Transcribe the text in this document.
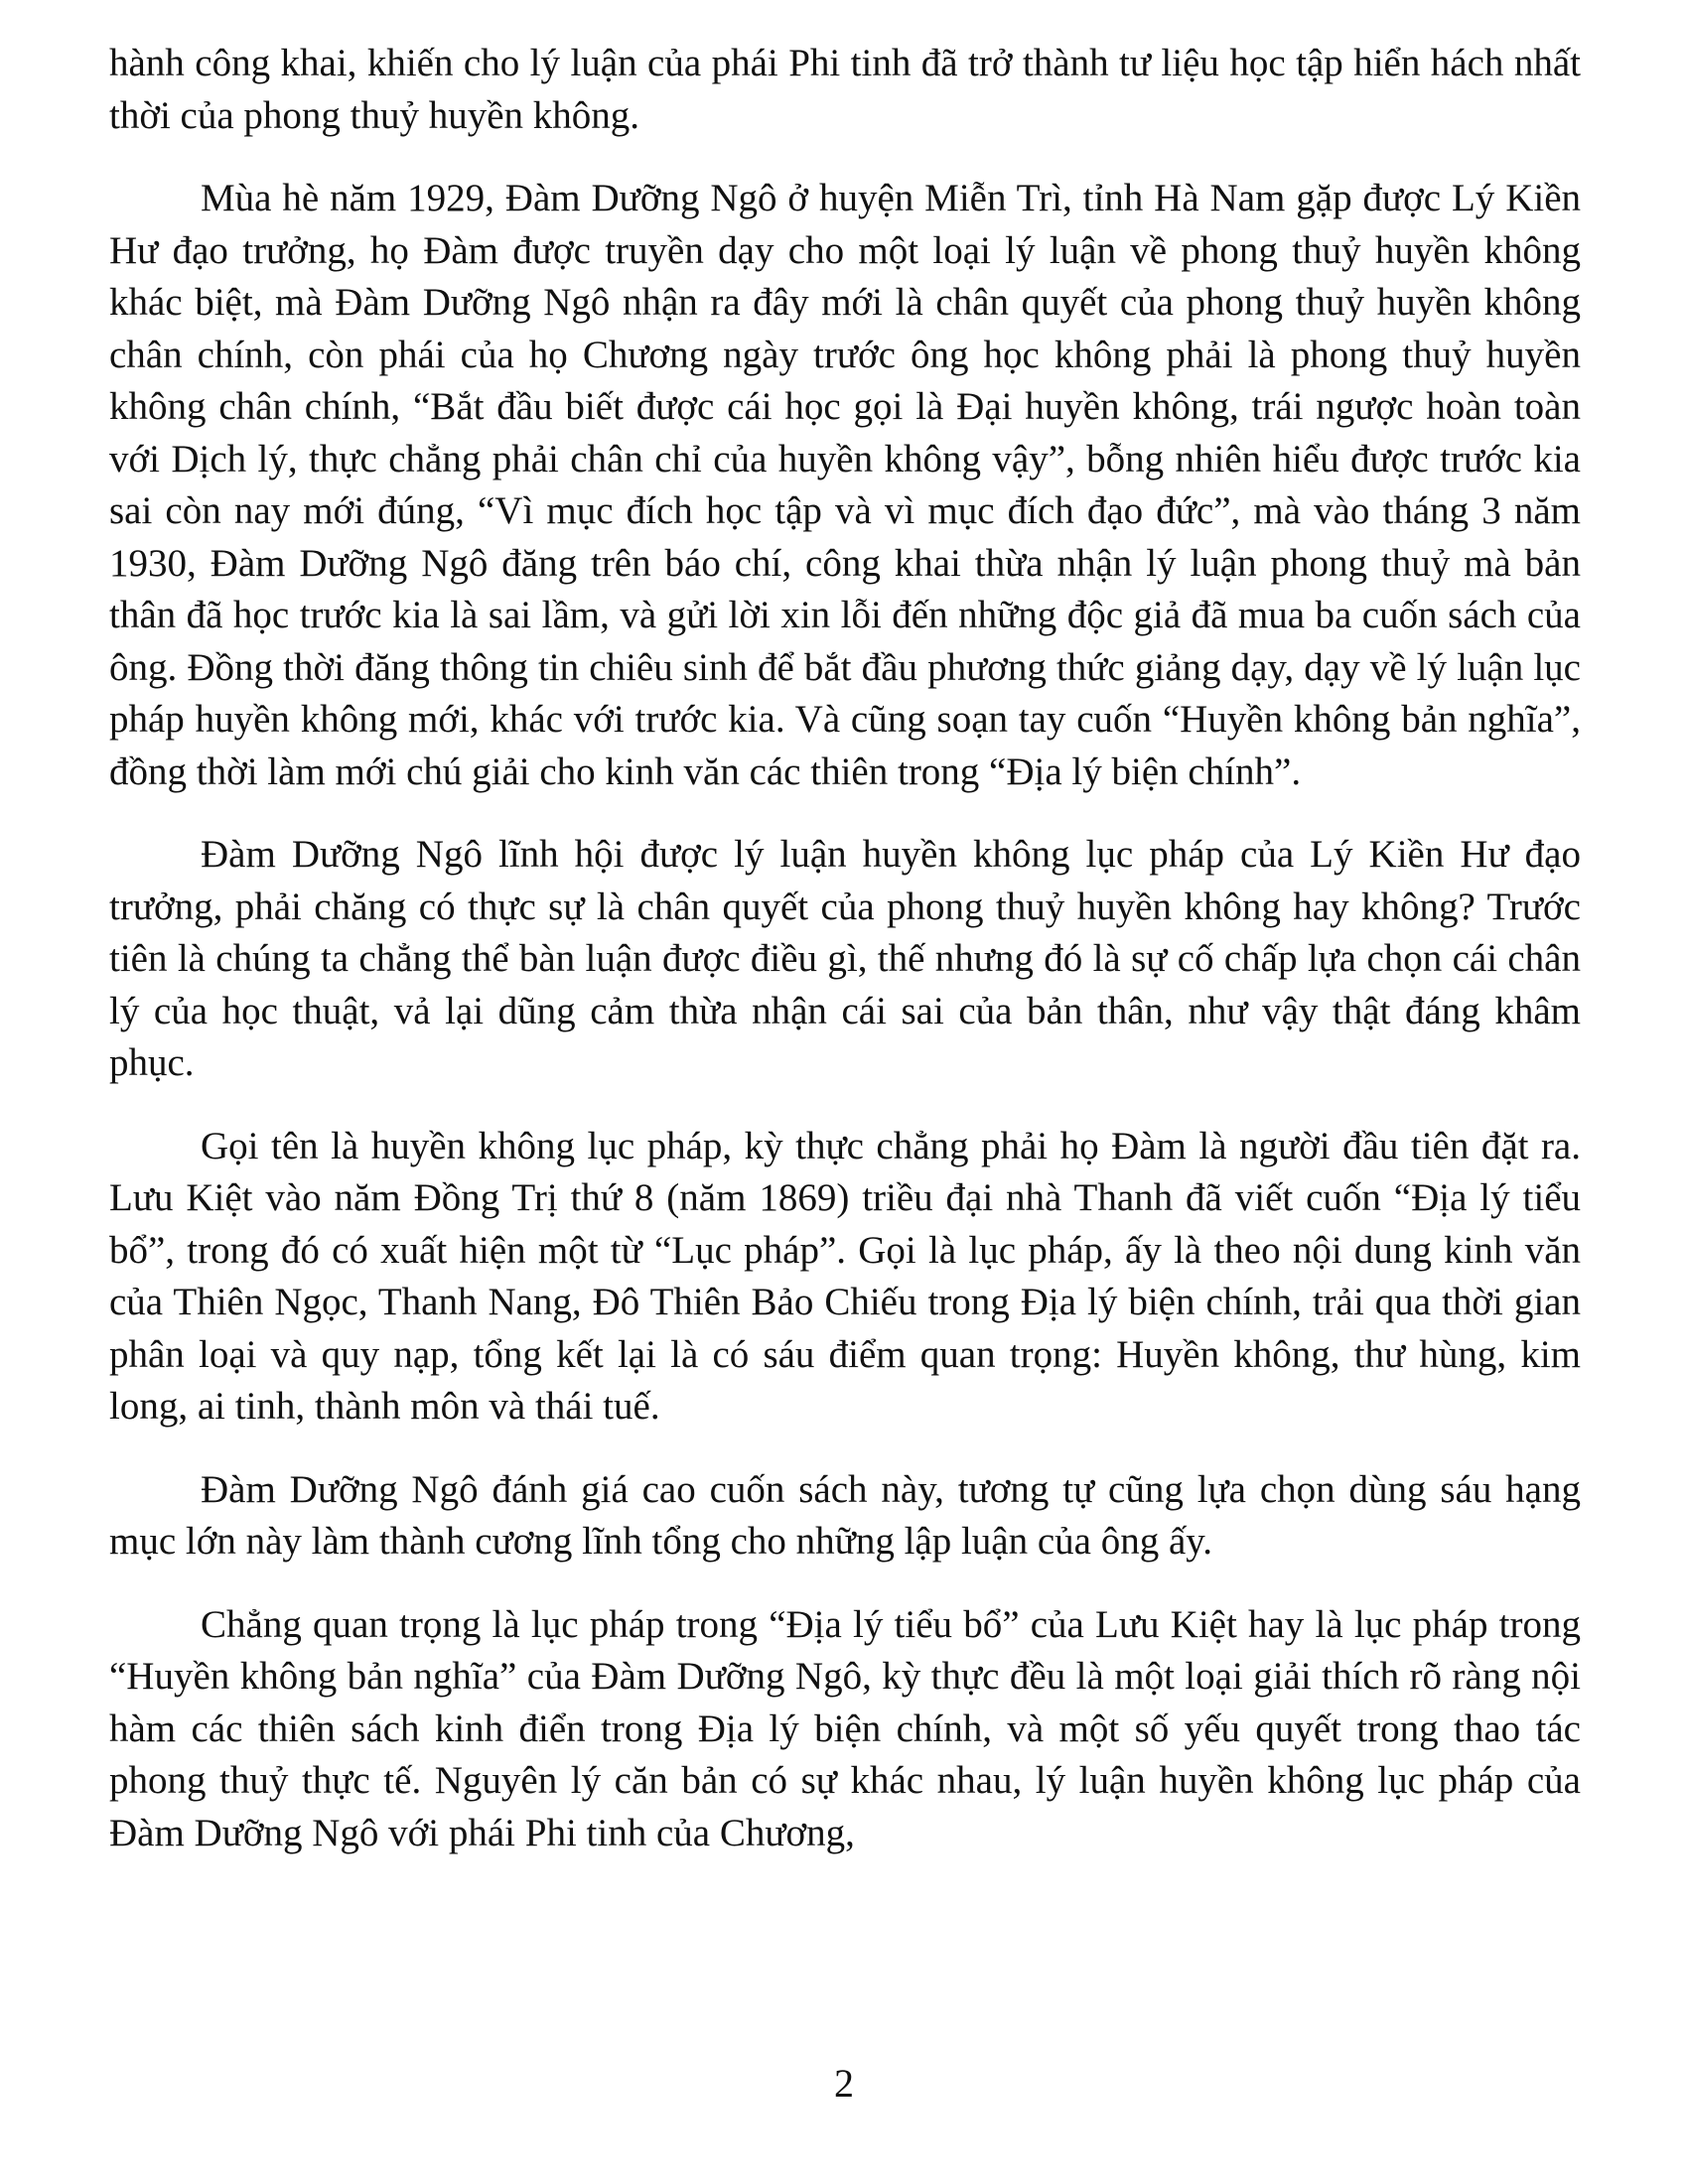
hành công khai, khiến cho lý luận của phái Phi tinh đã trở thành tư liệu học tập hiển hách nhất thời của phong thuỷ huyền không.

Mùa hè năm 1929, Đàm Dưỡng Ngô ở huyện Miễn Trì, tỉnh Hà Nam gặp được Lý Kiền Hư đạo trưởng, họ Đàm được truyền dạy cho một loại lý luận về phong thuỷ huyền không khác biệt, mà Đàm Dưỡng Ngô nhận ra đây mới là chân quyết của phong thuỷ huyền không chân chính, còn phái của họ Chương ngày trước ông học không phải là phong thuỷ huyền không chân chính, “Bắt đầu biết được cái học gọi là Đại huyền không, trái ngược hoàn toàn với Dịch lý, thực chẳng phải chân chỉ của huyền không vậy”, bỗng nhiên hiểu được trước kia sai còn nay mới đúng, “Vì mục đích học tập và vì mục đích đạo đức”, mà vào tháng 3 năm 1930, Đàm Dưỡng Ngô đăng trên báo chí, công khai thừa nhận lý luận phong thuỷ mà bản thân đã học trước kia là sai lầm, và gửi lời xin lỗi đến những độc giả đã mua ba cuốn sách của ông. Đồng thời đăng thông tin chiêu sinh để bắt đầu phương thức giảng dạy, dạy về lý luận lục pháp huyền không mới, khác với trước kia. Và cũng soạn tay cuốn “Huyền không bản nghĩa”, đồng thời làm mới chú giải cho kinh văn các thiên trong “Địa lý biện chính”.

Đàm Dưỡng Ngô lĩnh hội được lý luận huyền không lục pháp của Lý Kiền Hư đạo trưởng, phải chăng có thực sự là chân quyết của phong thuỷ huyền không hay không? Trước tiên là chúng ta chẳng thể bàn luận được điều gì, thế nhưng đó là sự cố chấp lựa chọn cái chân lý của học thuật, vả lại dũng cảm thừa nhận cái sai của bản thân, như vậy thật đáng khâm phục.

Gọi tên là huyền không lục pháp, kỳ thực chẳng phải họ Đàm là người đầu tiên đặt ra. Lưu Kiệt vào năm Đồng Trị thứ 8 (năm 1869) triều đại nhà Thanh đã viết cuốn “Địa lý tiểu bổ”, trong đó có xuất hiện một từ “Lục pháp”. Gọi là lục pháp, ấy là theo nội dung kinh văn của Thiên Ngọc, Thanh Nang, Đô Thiên Bảo Chiếu trong Địa lý biện chính, trải qua thời gian phân loại và quy nạp, tổng kết lại là có sáu điểm quan trọng: Huyền không, thư hùng, kim long, ai tinh, thành môn và thái tuế.

Đàm Dưỡng Ngô đánh giá cao cuốn sách này, tương tự cũng lựa chọn dùng sáu hạng mục lớn này làm thành cương lĩnh tổng cho những lập luận của ông ấy.

Chẳng quan trọng là lục pháp trong “Địa lý tiểu bổ” của Lưu Kiệt hay là lục pháp trong “Huyền không bản nghĩa” của Đàm Dưỡng Ngô, kỳ thực đều là một loại giải thích rõ ràng nội hàm các thiên sách kinh điển trong Địa lý biện chính, và một số yếu quyết trong thao tác phong thuỷ thực tế. Nguyên lý căn bản có sự khác nhau, lý luận huyền không lục pháp của Đàm Dưỡng Ngô với phái Phi tinh của Chương,

2
